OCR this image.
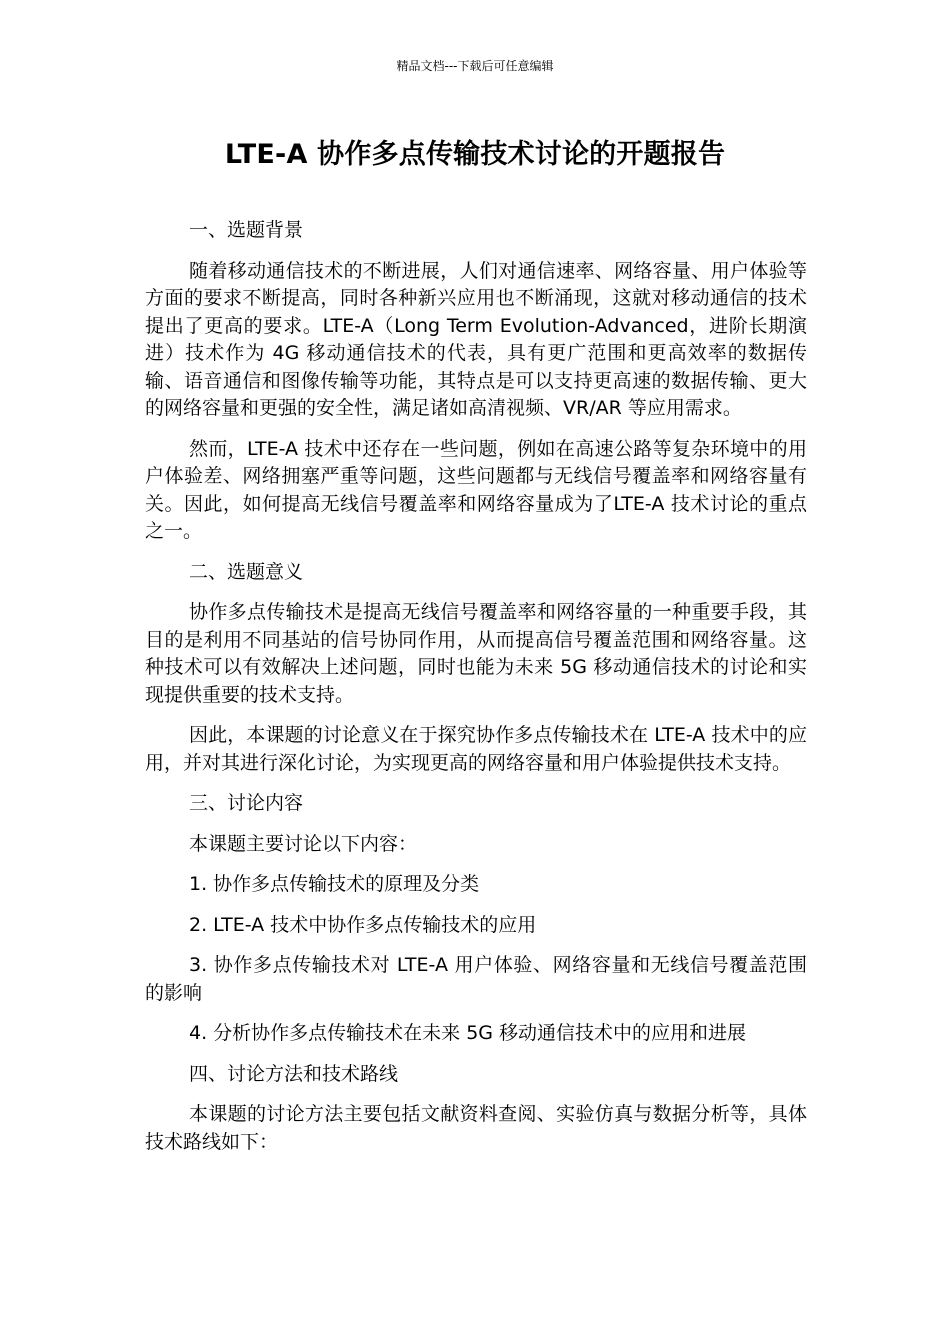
精品文档---下载后可任意编辑
LTE-A 协作多点传输技术讨论的开题报告

一、选题背景

随着移动通信技术的不断进展，人们对通信速率、网络容量、用户体验等方面的要求不断提高，同时各种新兴应用也不断涌现，这就对移动通信的技术提出了更高的要求。LTE-A（Long Term Evolution-Advanced，进阶长期演进）技术作为 4G 移动通信技术的代表，具有更广范围和更高效率的数据传输、语音通信和图像传输等功能，其特点是可以支持更高速的数据传输、更大的网络容量和更强的安全性，满足诸如高清视频、VR/AR 等应用需求。

然而，LTE-A 技术中还存在一些问题，例如在高速公路等复杂环境中的用户体验差、网络拥塞严重等问题，这些问题都与无线信号覆盖率和网络容量有关。因此，如何提高无线信号覆盖率和网络容量成为了LTE-A 技术讨论的重点之一。

二、选题意义

协作多点传输技术是提高无线信号覆盖率和网络容量的一种重要手段，其目的是利用不同基站的信号协同作用，从而提高信号覆盖范围和网络容量。这种技术可以有效解决上述问题，同时也能为未来 5G 移动通信技术的讨论和实现提供重要的技术支持。

因此，本课题的讨论意义在于探究协作多点传输技术在 LTE-A 技术中的应用，并对其进行深化讨论，为实现更高的网络容量和用户体验提供技术支持。

三、讨论内容

本课题主要讨论以下内容：

1. 协作多点传输技术的原理及分类

2. LTE-A 技术中协作多点传输技术的应用

3. 协作多点传输技术对 LTE-A 用户体验、网络容量和无线信号覆盖范围的影响

4. 分析协作多点传输技术在未来 5G 移动通信技术中的应用和进展

四、讨论方法和技术路线

本课题的讨论方法主要包括文献资料查阅、实验仿真与数据分析等，具体技术路线如下：
